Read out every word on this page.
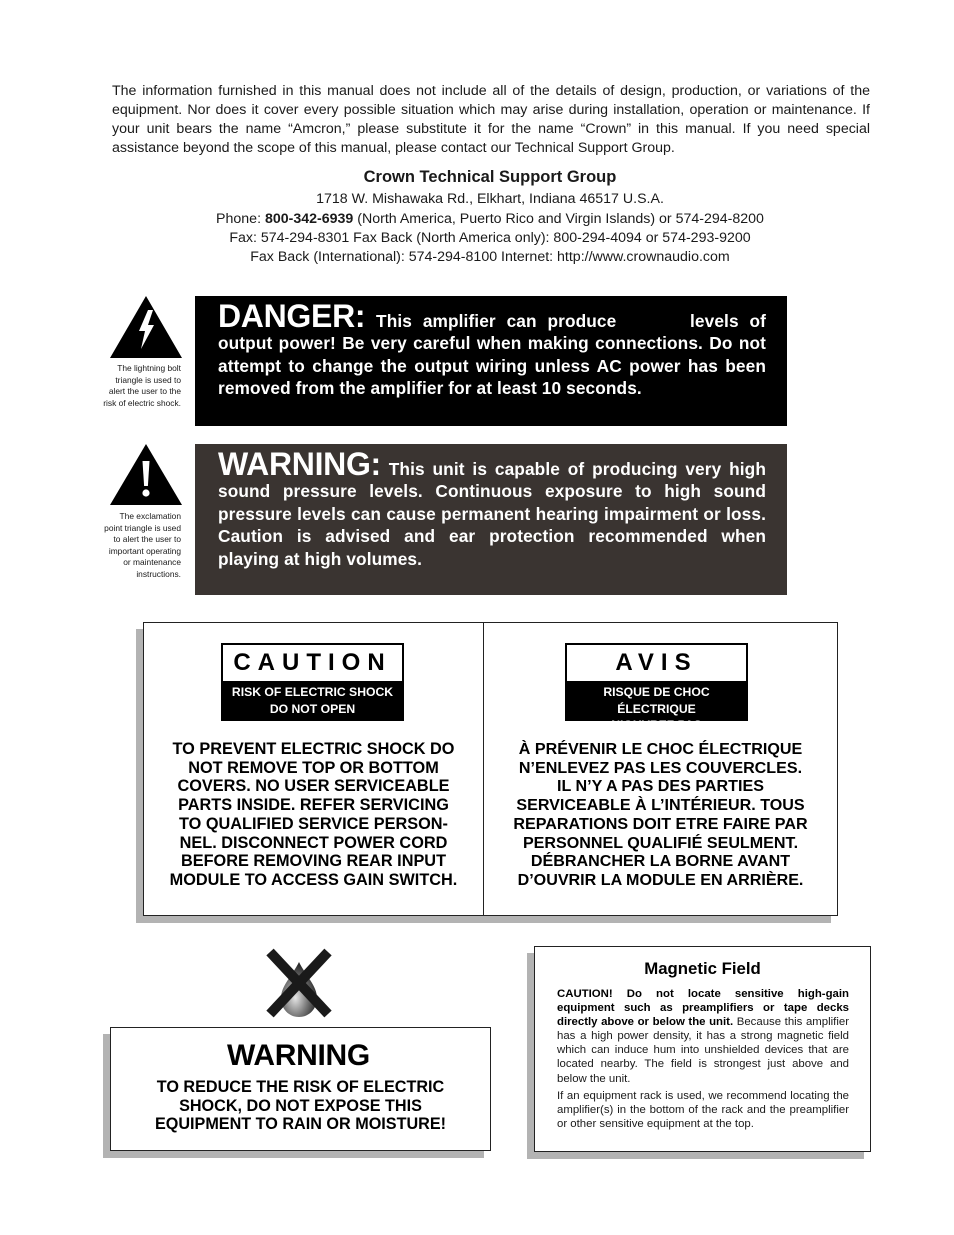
The information furnished in this manual does not include all of the details of design, production, or variations of the equipment. Nor does it cover every possible situation which may arise during installation, operation or maintenance. If your unit bears the name “Amcron,” please substitute it for the name “Crown” in this manual. If you need special assistance beyond the scope of this manual, please contact our Technical Support Group.

Crown Technical Support Group
1718 W. Mishawaka Rd., Elkhart, Indiana 46517 U.S.A.
Phone: 800-342-6939 (North America, Puerto Rico and Virgin Islands) or 574-294-8200
Fax: 574-294-8301 Fax Back (North America only): 800-294-4094 or 574-293-9200
Fax Back (International): 574-294-8100 Internet: http://www.crownaudio.com
The lightning bolt
triangle is used to
alert the user to the
risk of electric shock.
The exclamation
point triangle is used
to alert the user to
important operating
or maintenance
instructions.

DANGER: This amplifier can produce	levels of output power! Be very careful when making connections. Do not attempt to change the output wiring unless AC power has been removed from the amplifier for at least 10 seconds.

WARNING: This unit is capable of producing very high sound pressure levels. Continuous exposure to high sound pressure levels can cause permanent hearing impairment or loss. Caution is advised and ear protection recommended when playing at high volumes.

CAUTION
RISK OF ELECTRIC SHOCK
DO NOT OPEN
TO PREVENT ELECTRIC SHOCK DO
NOT REMOVE TOP OR BOTTOM
COVERS. NO USER SERVICEABLE
PARTS INSIDE. REFER SERVICING
TO QUALIFIED SERVICE PERSON-
NEL. DISCONNECT POWER CORD
BEFORE REMOVING REAR INPUT
MODULE TO ACCESS GAIN SWITCH.
AVIS
RISQUE DE CHOC ÉLECTRIQUE
N’OUVREZ PAS
À PRÉVENIR LE CHOC ÉLECTRIQUE
N’ENLEVEZ PAS LES COUVERCLES.
IL N’Y A PAS DES PARTIES
SERVICEABLE À L’INTÉRIEUR. TOUS
REPARATIONS DOIT ETRE FAIRE PAR
PERSONNEL QUALIFIÉ SEULMENT.
DÉBRANCHER LA BORNE AVANT
D’OUVRIR LA MODULE EN ARRIÈRE.
WARNING
TO REDUCE THE RISK OF ELECTRIC
SHOCK, DO NOT EXPOSE THIS
EQUIPMENT TO RAIN OR MOISTURE!
Magnetic Field

CAUTION! Do not locate sensitive high-gain equipment such as preamplifiers or tape decks directly above or below the unit. Because this amplifier has a high power density, it has a strong magnetic field which can induce hum into unshielded devices that are located nearby. The field is strongest just above and below the unit.

If an equipment rack is used, we recommend locating the amplifier(s) in the bottom of the rack and the preamplifier or other sensitive equipment at the top.
